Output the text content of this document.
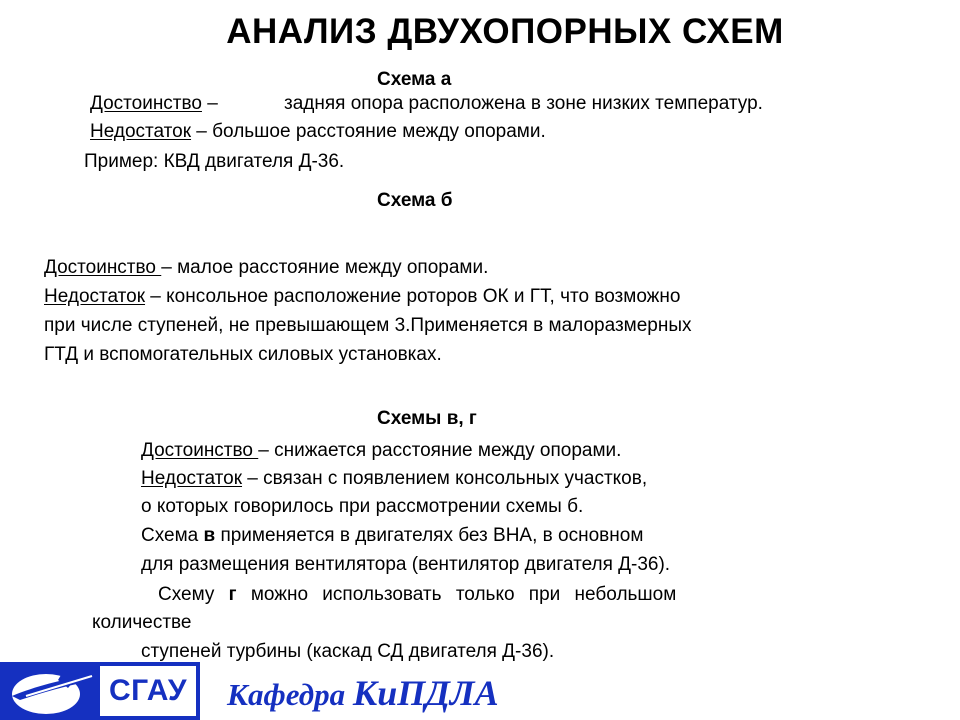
АНАЛИЗ ДВУХОПОРНЫХ СХЕМ
Схема а
Достоинство –	задняя опора расположена в зоне низких температур.
Недостаток – большое расстояние между опорами.
Пример: КВД двигателя Д-36.
Схема б
Достоинство – малое расстояние между опорами.
Недостаток – консольное расположение роторов ОК и ГТ, что возможно
при числе ступеней, не превышающем 3.Применяется в малоразмерных
ГТД и вспомогательных силовых установках.
Схемы в, г
Достоинство – снижается расстояние между опорами.
Недостаток – связан с появлением консольных участков,
о которых говорилось при рассмотрении схемы б.
Схема в применяется в двигателях без ВНА, в основном
для размещения вентилятора (вентилятор двигателя Д-36).
Схему г можно использовать только при небольшом
количестве
ступеней турбины (каскад СД двигателя Д-36).
СГАУ Кафедра КиПДЛА
